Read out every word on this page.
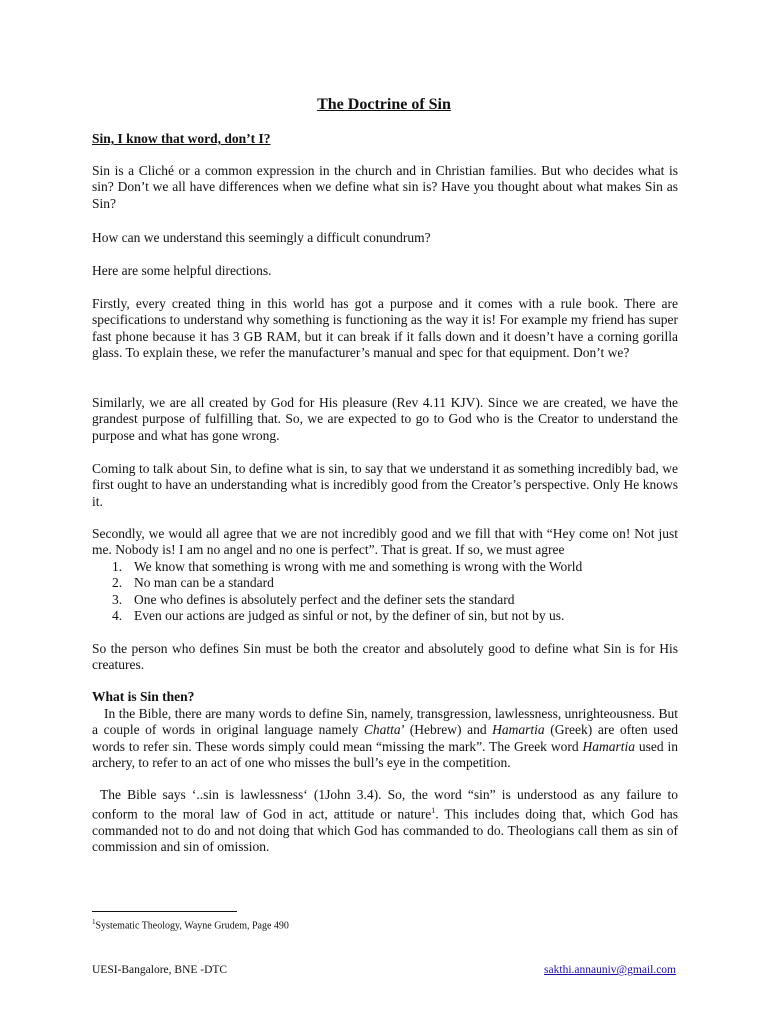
The Doctrine of Sin
Sin, I know that word, don’t I?
Sin is a Cliché or a common expression in the church and in Christian families. But who decides what is sin? Don’t we all have differences when we define what sin is? Have you thought about what makes Sin as Sin?
How can we understand this seemingly a difficult conundrum?
Here are some helpful directions.
Firstly, every created thing in this world has got a purpose and it comes with a rule book. There are specifications to understand why something is functioning as the way it is! For example my friend has super fast phone because it has 3 GB RAM, but it can break if it falls down and it doesn’t have a corning gorilla glass. To explain these, we refer the manufacturer’s manual and spec for that equipment. Don’t we?
Similarly, we are all created by God for His pleasure (Rev 4.11 KJV). Since we are created, we have the grandest purpose of fulfilling that. So, we are expected to go to God who is the Creator to understand the purpose and what has gone wrong.
Coming to talk about Sin, to define what is sin, to say that we understand it as something incredibly bad, we first ought to have an understanding what is incredibly good from the Creator’s perspective. Only He knows it.
Secondly, we would all agree that we are not incredibly good and we fill that with “Hey come on! Not just me. Nobody is! I am no angel and no one is perfect”. That is great. If so, we must agree
1. We know that something is wrong with me and something is wrong with the World
2. No man can be a standard
3. One who defines is absolutely perfect and the definer sets the standard
4. Even our actions are judged as sinful or not, by the definer of sin, but not by us.
So the person who defines Sin must be both the creator and absolutely good to define what Sin is for His creatures.
What is Sin then?
In the Bible, there are many words to define Sin, namely, transgression, lawlessness, unrighteousness. But a couple of words in original language namely Chatta’ (Hebrew) and Hamartia (Greek) are often used words to refer sin. These words simply could mean “missing the mark”. The Greek word Hamartia used in archery, to refer to an act of one who misses the bull’s eye in the competition.
The Bible says ‘..sin is lawlessness‘ (1John 3.4). So, the word “sin” is understood as any failure to conform to the moral law of God in act, attitude or nature$^1$. This includes doing that, which God has commanded not to do and not doing that which God has commanded to do. Theologians call them as sin of commission and sin of omission.
$^1$Systematic Theology, Wayne Grudem, Page 490
UESI-Bangalore, BNE -DTC	sakthi.annauniv@gmail.com
